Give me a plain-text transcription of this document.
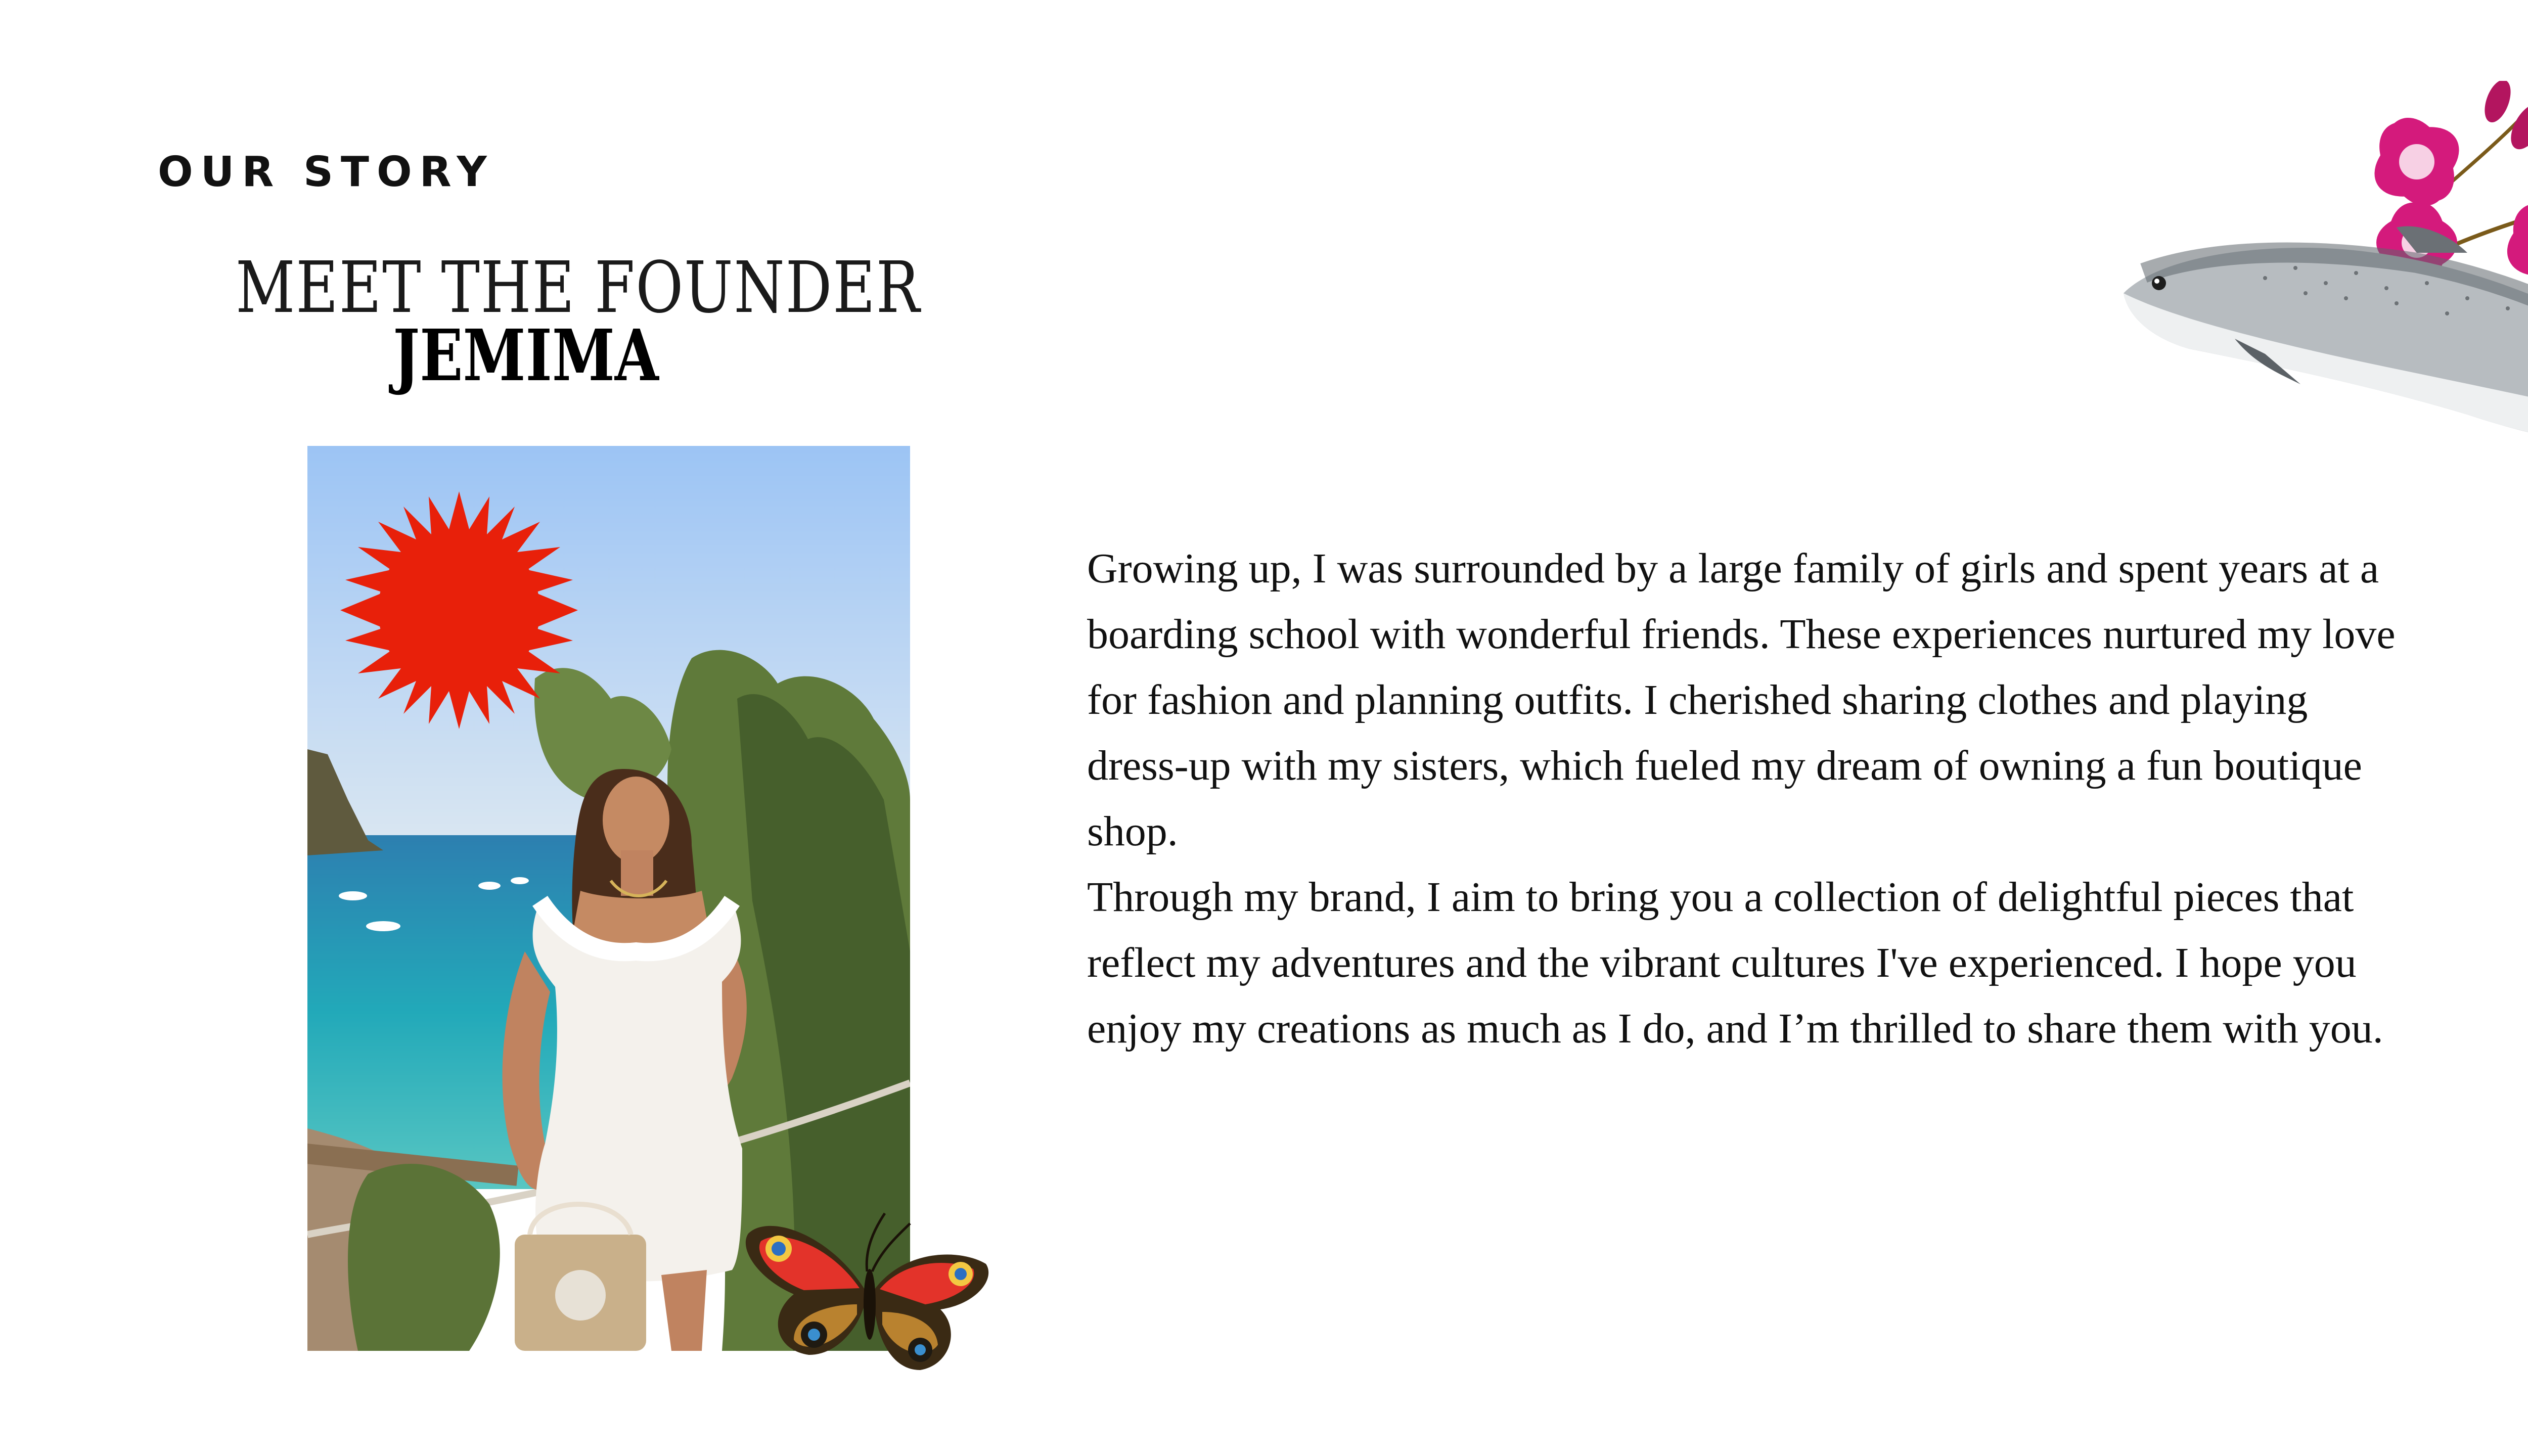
OUR STORY
MEET THE FOUNDER
JEMIMA

Growing up, I was surrounded by a large family of girls and spent years at a boarding school with wonderful friends. These experiences nurtured my love for fashion and planning outfits. I cherished sharing clothes and playing dress-up with my sisters, which fueled my dream of owning a fun boutique shop.

Through my brand, I aim to bring you a collection of delightful pieces that reflect my adventures and the vibrant cultures I've experienced. I hope you enjoy my creations as much as I do, and I’m thrilled to share them with you.
